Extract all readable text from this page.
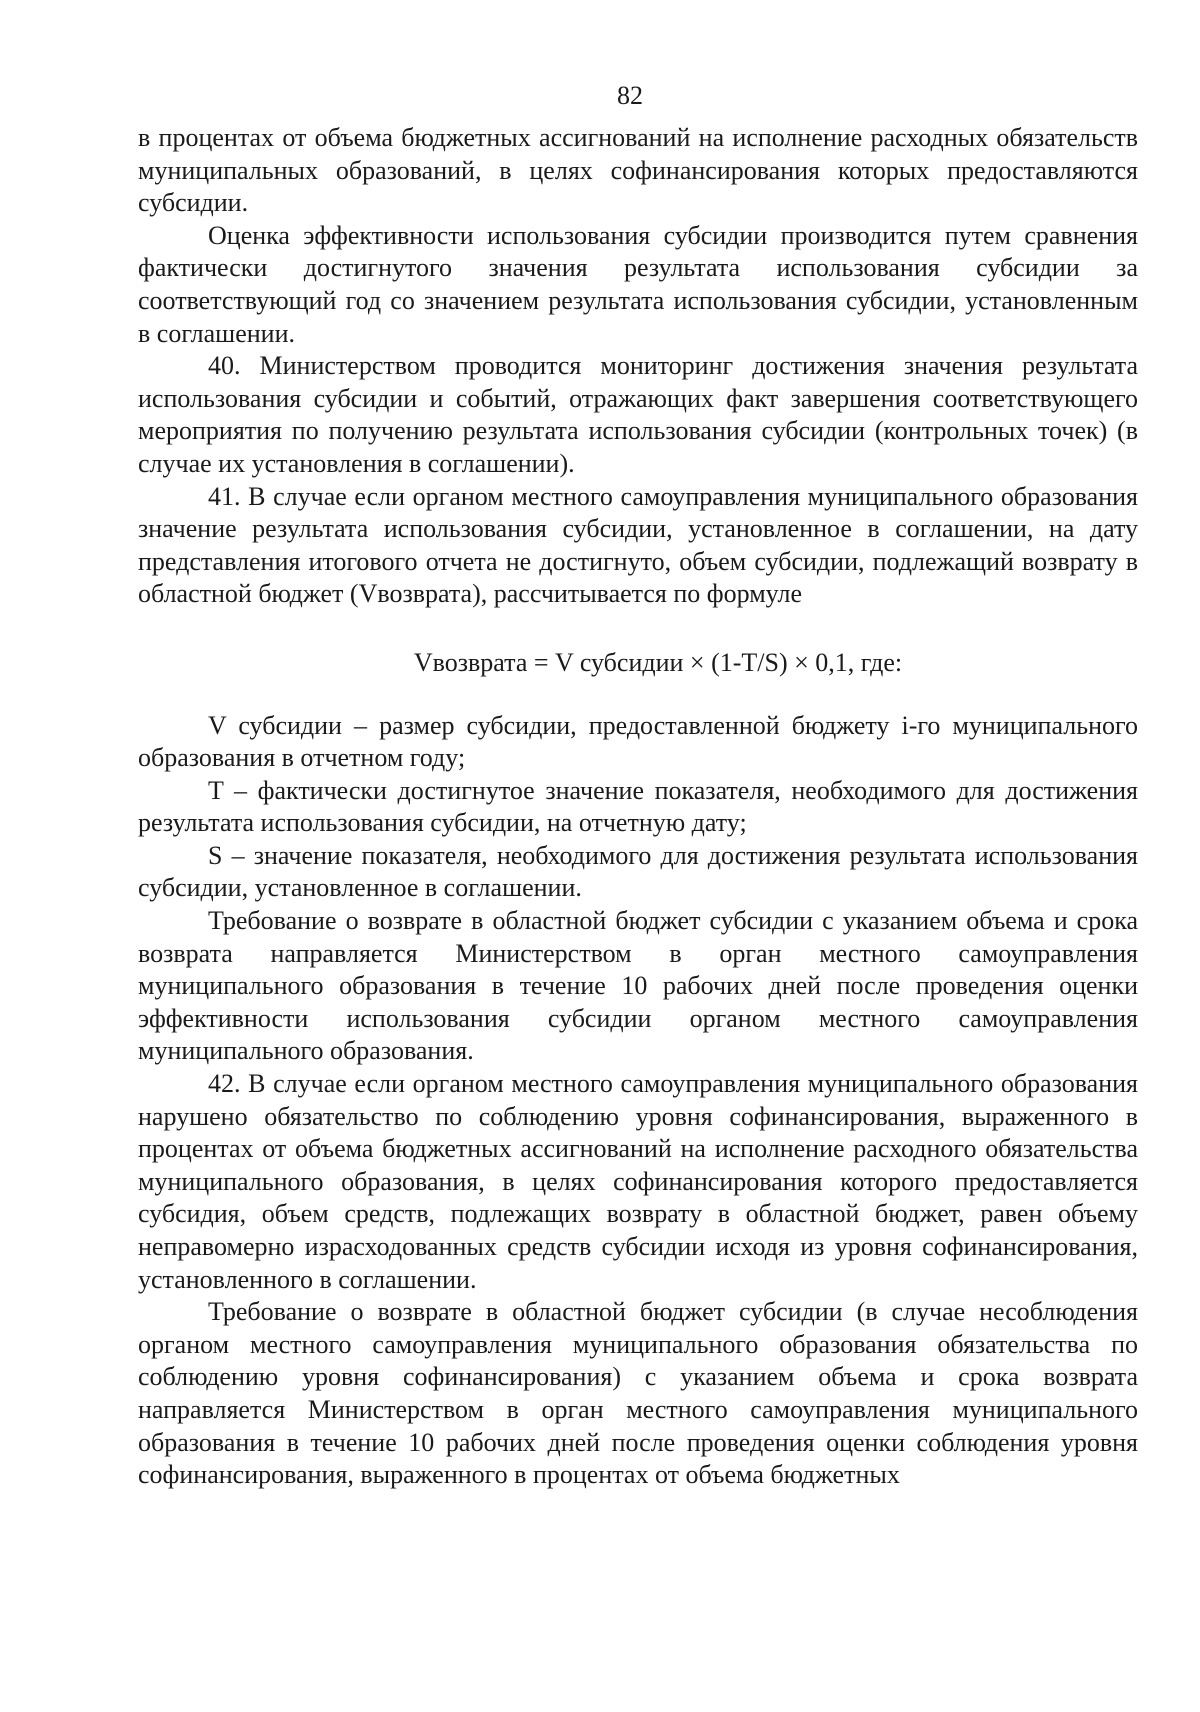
82

в процентах от объема бюджетных ассигнований на исполнение расходных обязательств муниципальных образований, в целях софинансирования которых предоставляются субсидии.

Оценка эффективности использования субсидии производится путем сравнения фактически достигнутого значения результата использования субсидии за соответствующий год со значением результата использования субсидии, установленным в соглашении.

40. Министерством проводится мониторинг достижения значения результата использования субсидии и событий, отражающих факт завершения соответствующего мероприятия по получению результата использования субсидии (контрольных точек) (в случае их установления в соглашении).

41. В случае если органом местного самоуправления муниципального образования значение результата использования субсидии, установленное в соглашении, на дату представления итогового отчета не достигнуто, объем субсидии, подлежащий возврату в областной бюджет (Vвозврата), рассчитывается по формуле

Vвозврата = V субсидии × (1-T/S) × 0,1, где:

V субсидии – размер субсидии, предоставленной бюджету i-го муниципального образования в отчетном году;

T – фактически достигнутое значение показателя, необходимого для достижения результата использования субсидии, на отчетную дату;

S – значение показателя, необходимого для достижения результата использования субсидии, установленное в соглашении.

Требование о возврате в областной бюджет субсидии с указанием объема и срока возврата направляется Министерством в орган местного самоуправления муниципального образования в течение 10 рабочих дней после проведения оценки эффективности использования субсидии органом местного самоуправления муниципального образования.

42. В случае если органом местного самоуправления муниципального образования нарушено обязательство по соблюдению уровня софинансирования, выраженного в процентах от объема бюджетных ассигнований на исполнение расходного обязательства муниципального образования, в целях софинансирования которого предоставляется субсидия, объем средств, подлежащих возврату в областной бюджет, равен объему неправомерно израсходованных средств субсидии исходя из уровня софинансирования, установленного в соглашении.

Требование о возврате в областной бюджет субсидии (в случае несоблюдения органом местного самоуправления муниципального образования обязательства по соблюдению уровня софинансирования) с указанием объема и срока возврата направляется Министерством в орган местного самоуправления муниципального образования в течение 10 рабочих дней после проведения оценки соблюдения уровня софинансирования, выраженного в процентах от объема бюджетных
